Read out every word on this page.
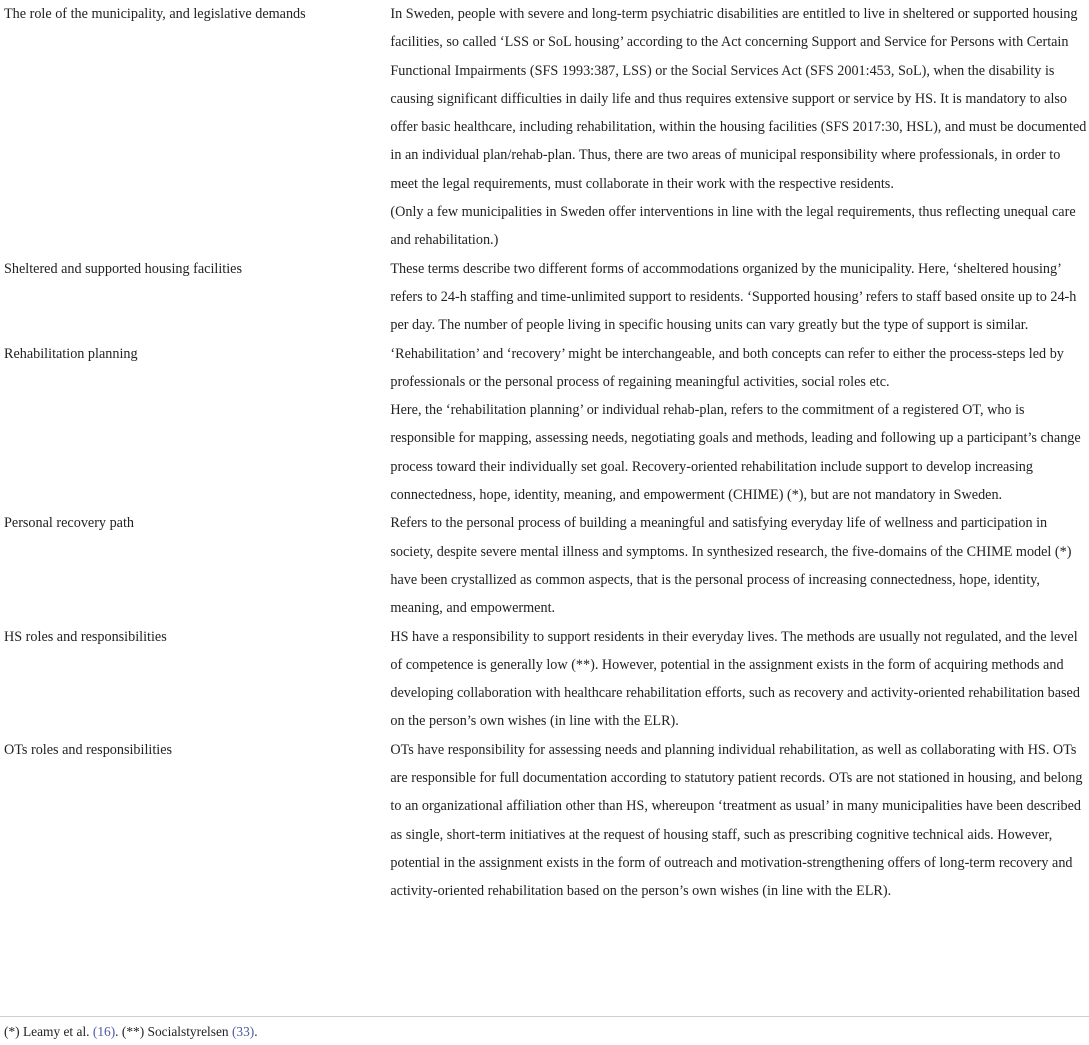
The role of the municipality, and legislative demands	In Sweden, people with severe and long-term psychiatric disabilities are entitled to live in sheltered or supported housing facilities, so called ‘LSS or SoL housing’ according to the Act concerning Support and Service for Persons with Certain Functional Impairments (SFS 1993:387, LSS) or the Social Services Act (SFS 2001:453, SoL), when the disability is causing significant difficulties in daily life and thus requires extensive support or service by HS. It is mandatory to also offer basic healthcare, including rehabilitation, within the housing facilities (SFS 2017:30, HSL), and must be documented in an individual plan/rehab-plan. Thus, there are two areas of municipal responsibility where professionals, in order to meet the legal requirements, must collaborate in their work with the respective residents.

(Only a few municipalities in Sweden offer interventions in line with the legal requirements, thus reflecting unequal care and rehabilitation.)

Sheltered and supported housing facilities	These terms describe two different forms of accommodations organized by the municipality. Here, ‘sheltered housing’ refers to 24-h staffing and time-unlimited support to residents. ‘Supported housing’ refers to staff based onsite up to 24-h per day. The number of people living in specific housing units can vary greatly but the type of support is similar.

Rehabilitation planning	‘Rehabilitation’ and ‘recovery’ might be interchangeable, and both concepts can refer to either the process-steps led by professionals or the personal process of regaining meaningful activities, social roles etc.

Here, the ‘rehabilitation planning’ or individual rehab-plan, refers to the commitment of a registered OT, who is responsible for mapping, assessing needs, negotiating goals and methods, leading and following up a participant’s change process toward their individually set goal. Recovery-oriented rehabilitation include support to develop increasing connectedness, hope, identity, meaning, and empowerment (CHIME) (*), but are not mandatory in Sweden.

Personal recovery path	Refers to the personal process of building a meaningful and satisfying everyday life of wellness and participation in society, despite severe mental illness and symptoms. In synthesized research, the five-domains of the CHIME model (*) have been crystallized as common aspects, that is the personal process of increasing connectedness, hope, identity, meaning, and empowerment.

HS roles and responsibilities	HS have a responsibility to support residents in their everyday lives. The methods are usually not regulated, and the level of competence is generally low (**). However, potential in the assignment exists in the form of acquiring methods and developing collaboration with healthcare rehabilitation efforts, such as recovery and activity-oriented rehabilitation based on the person’s own wishes (in line with the ELR).

OTs roles and responsibilities	OTs have responsibility for assessing needs and planning individual rehabilitation, as well as collaborating with HS. OTs are responsible for full documentation according to statutory patient records. OTs are not stationed in housing, and belong to an organizational affiliation other than HS, whereupon ‘treatment as usual’ in many municipalities have been described as single, short-term initiatives at the request of housing staff, such as prescribing cognitive technical aids. However, potential in the assignment exists in the form of outreach and motivation-strengthening offers of long-term recovery and activity-oriented rehabilitation based on the person’s own wishes (in line with the ELR).

(*) Leamy et al. (16). (**) Socialstyrelsen (33).
